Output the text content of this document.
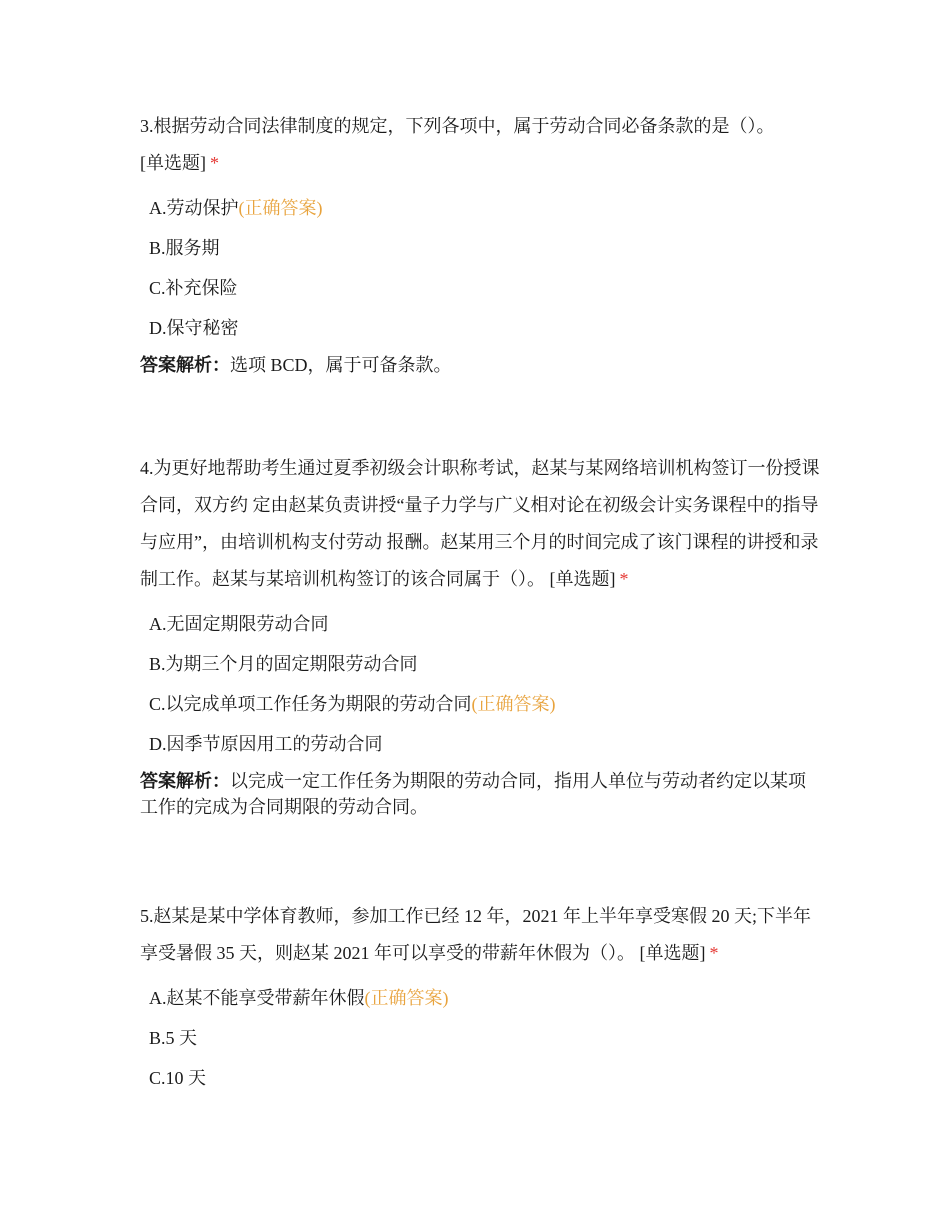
3.根据劳动合同法律制度的规定，下列各项中，属于劳动合同必备条款的是（）。
[单选题] *

A.劳动保护(正确答案)
B.服务期
C.补充保险
D.保守秘密

答案解析：选项 BCD，属于可备条款。

4.为更好地帮助考生通过夏季初级会计职称考试，赵某与某网络培训机构签订一份授课合同，双方约 定由赵某负责讲授“量子力学与广义相对论在初级会计实务课程中的指导与应用”，由培训机构支付劳动 报酬。赵某用三个月的时间完成了该门课程的讲授和录制工作。赵某与某培训机构签订的该合同属于（）。 [单选题] *

A.无固定期限劳动合同
B.为期三个月的固定期限劳动合同
C.以完成单项工作任务为期限的劳动合同(正确答案)
D.因季节原因用工的劳动合同

答案解析：以完成一定工作任务为期限的劳动合同，指用人单位与劳动者约定以某项工作的完成为合同期限的劳动合同。

5.赵某是某中学体育教师，参加工作已经 12 年，2021 年上半年享受寒假 20 天;下半年享受暑假 35 天，则赵某 2021 年可以享受的带薪年休假为（）。 [单选题] *

A.赵某不能享受带薪年休假(正确答案)
B.5 天
C.10 天
